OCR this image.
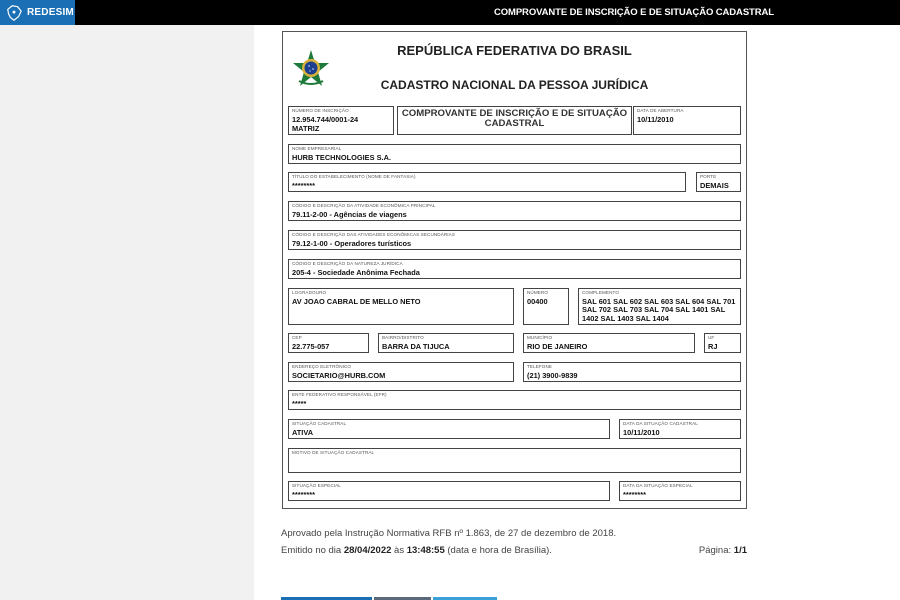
REDESIM	COMPROVANTE DE INSCRIÇÃO E DE SITUAÇÃO CADASTRAL
REPÚBLICA FEDERATIVA DO BRASIL
CADASTRO NACIONAL DA PESSOA JURÍDICA
NÚMERO DE INSCRIÇÃO
12.954.744/0001-24
MATRIZ
COMPROVANTE DE INSCRIÇÃO E DE SITUAÇÃO
CADASTRAL
DATA DE ABERTURA
10/11/2010
NOME EMPRESARIAL
HURB TECHNOLOGIES S.A.
TÍTULO DO ESTABELECIMENTO (NOME DE FANTASIA)
********
PORTE
DEMAIS
CÓDIGO E DESCRIÇÃO DA ATIVIDADE ECONÔMICA PRINCIPAL
79.11-2-00 - Agências de viagens
CÓDIGO E DESCRIÇÃO DAS ATIVIDADES ECONÔMICAS SECUNDÁRIAS
79.12-1-00 - Operadores turísticos
CÓDIGO E DESCRIÇÃO DA NATUREZA JURÍDICA
205-4 - Sociedade Anônima Fechada
LOGRADOURO
AV JOAO CABRAL DE MELLO NETO
NÚMERO
00400
COMPLEMENTO
SAL 601 SAL 602 SAL 603 SAL 604 SAL 701 SAL 702 SAL 703 SAL 704 SAL 1401 SAL 1402 SAL 1403 SAL 1404
CEP
22.775-057
BAIRRO/DISTRITO
BARRA DA TIJUCA
MUNICÍPIO
RIO DE JANEIRO
UF
RJ
ENDEREÇO ELETRÔNICO
SOCIETARIO@HURB.COM
TELEFONE
(21) 3900-9839
ENTE FEDERATIVO RESPONSÁVEL (EFR)
*****
SITUAÇÃO CADASTRAL
ATIVA
DATA DA SITUAÇÃO CADASTRAL
10/11/2010
MOTIVO DE SITUAÇÃO CADASTRAL
SITUAÇÃO ESPECIAL
********
DATA DA SITUAÇÃO ESPECIAL
********
Aprovado pela Instrução Normativa RFB nº 1.863, de 27 de dezembro de 2018.
Emitido no dia 28/04/2022 às 13:48:55 (data e hora de Brasília).	Página: 1/1
